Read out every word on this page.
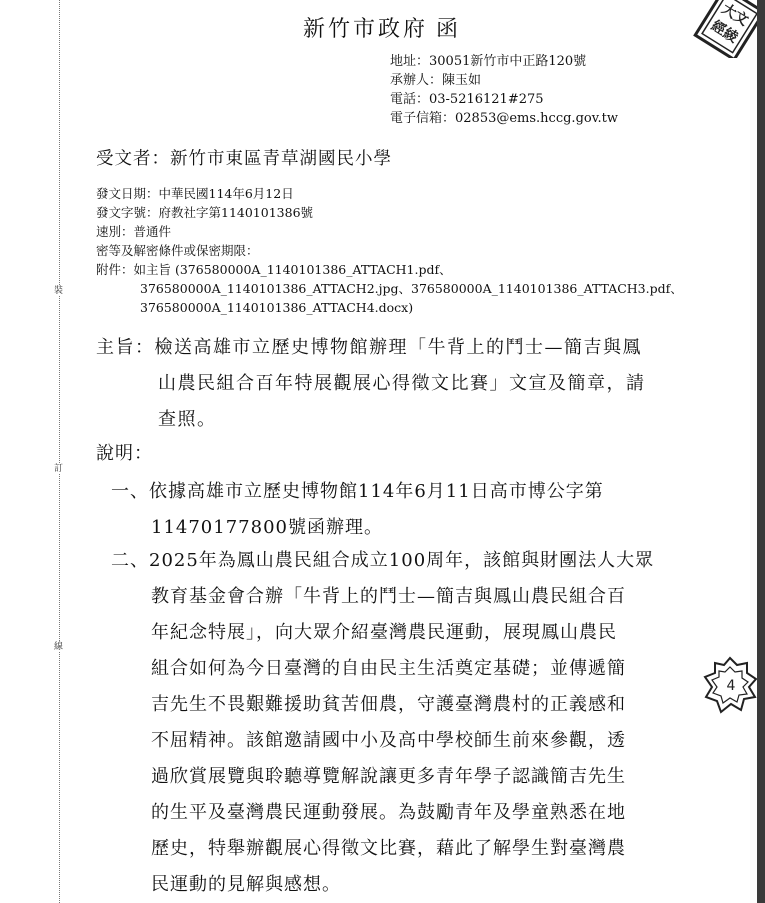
裝
訂
線
新竹市政府 函
地址：30051新竹市中正路120號
承辦人：陳玉如
電話：03-5216121#275
電子信箱：02853@ems.hccg.gov.tw
受文者：新竹市東區青草湖國民小學
發文日期：中華民國114年6月12日
發文字號：府教社字第1140101386號
速別：普通件
密等及解密條件或保密期限：
附件：如主旨 (376580000A_1140101386_ATTACH1.pdf、
376580000A_1140101386_ATTACH2.jpg、376580000A_1140101386_ATTACH3.pdf、
376580000A_1140101386_ATTACH4.docx)
主旨：檢送高雄市立歷史博物館辦理「牛背上的鬥士—簡吉與鳳
山農民組合百年特展觀展心得徵文比賽」文宣及簡章，請
查照。
說明：
一、依據高雄市立歷史博物館114年6月11日高市博公字第
11470177800號函辦理。
二、2025年為鳳山農民組合成立100周年，該館與財團法人大眾
教育基金會合辦「牛背上的鬥士—簡吉與鳳山農民組合百
年紀念特展」，向大眾介紹臺灣農民運動，展現鳳山農民
組合如何為今日臺灣的自由民主生活奠定基礎；並傳遞簡
吉先生不畏艱難援助貧苦佃農，守護臺灣農村的正義感和
不屈精神。該館邀請國中小及高中學校師生前來參觀，透
過欣賞展覽與聆聽導覽解說讓更多青年學子認識簡吉先生
的生平及臺灣農民運動發展。為鼓勵青年及學童熟悉在地
歷史，特舉辦觀展心得徵文比賽，藉此了解學生對臺灣農
民運動的見解與感想。
大文
經綾
4
